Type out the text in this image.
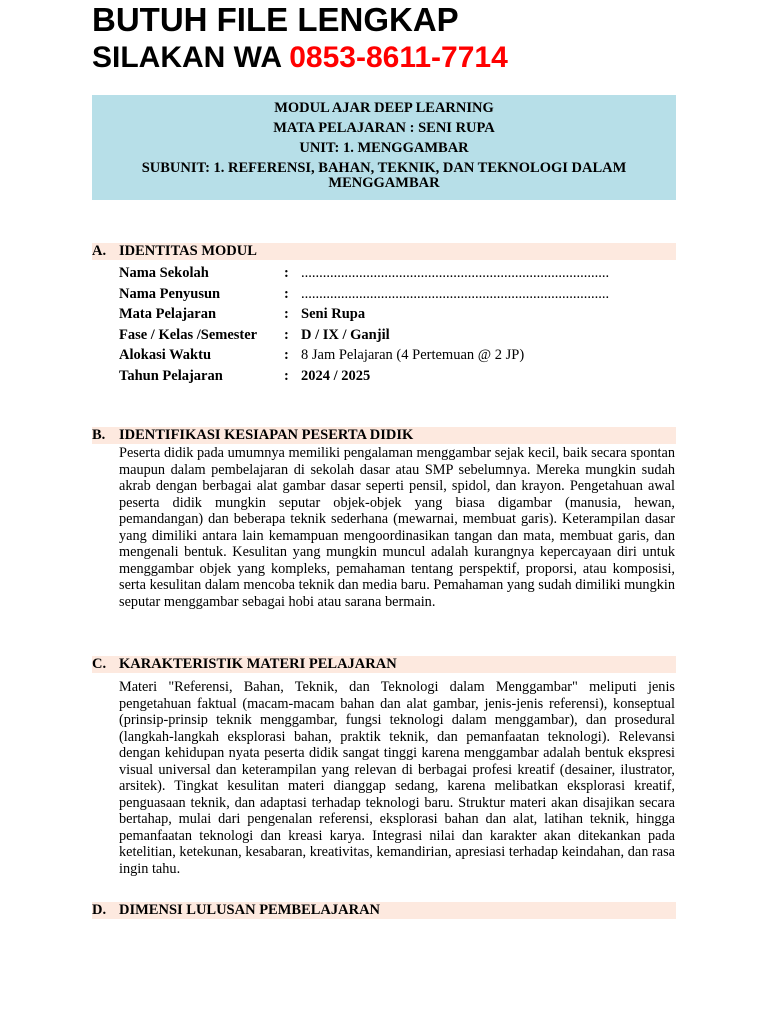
BUTUH FILE LENGKAP
SILAKAN WA 0853-8611-7714
MODUL AJAR DEEP LEARNING
MATA PELAJARAN : SENI RUPA
UNIT: 1. MENGGAMBAR
SUBUNIT: 1. REFERENSI, BAHAN, TEKNIK, DAN TEKNOLOGI DALAM MENGGAMBAR
A. IDENTITAS MODUL
Nama Sekolah	: .....................................................................................
Nama Penyusun	: .....................................................................................
Mata Pelajaran	: Seni Rupa
Fase / Kelas /Semester : D / IX / Ganjil
Alokasi Waktu	: 8 Jam Pelajaran (4 Pertemuan @ 2 JP)
Tahun Pelajaran	: 2024 / 2025
B. IDENTIFIKASI KESIAPAN PESERTA DIDIK

Peserta didik pada umumnya memiliki pengalaman menggambar sejak kecil, baik secara spontan maupun dalam pembelajaran di sekolah dasar atau SMP sebelumnya. Mereka mungkin sudah akrab dengan berbagai alat gambar dasar seperti pensil, spidol, dan krayon. Pengetahuan awal peserta didik mungkin seputar objek-objek yang biasa digambar (manusia, hewan, pemandangan) dan beberapa teknik sederhana (mewarnai, membuat garis). Keterampilan dasar yang dimiliki antara lain kemampuan mengoordinasikan tangan dan mata, membuat garis, dan mengenali bentuk. Kesulitan yang mungkin muncul adalah kurangnya kepercayaan diri untuk menggambar objek yang kompleks, pemahaman tentang perspektif, proporsi, atau komposisi, serta kesulitan dalam mencoba teknik dan media baru. Pemahaman yang sudah dimiliki mungkin seputar menggambar sebagai hobi atau sarana bermain.

C. KARAKTERISTIK MATERI PELAJARAN

Materi "Referensi, Bahan, Teknik, dan Teknologi dalam Menggambar" meliputi jenis pengetahuan faktual (macam-macam bahan dan alat gambar, jenis-jenis referensi), konseptual (prinsip-prinsip teknik menggambar, fungsi teknologi dalam menggambar), dan prosedural (langkah-langkah eksplorasi bahan, praktik teknik, dan pemanfaatan teknologi). Relevansi dengan kehidupan nyata peserta didik sangat tinggi karena menggambar adalah bentuk ekspresi visual universal dan keterampilan yang relevan di berbagai profesi kreatif (desainer, ilustrator, arsitek). Tingkat kesulitan materi dianggap sedang, karena melibatkan eksplorasi kreatif, penguasaan teknik, dan adaptasi terhadap teknologi baru. Struktur materi akan disajikan secara bertahap, mulai dari pengenalan referensi, eksplorasi bahan dan alat, latihan teknik, hingga pemanfaatan teknologi dan kreasi karya. Integrasi nilai dan karakter akan ditekankan pada ketelitian, ketekunan, kesabaran, kreativitas, kemandirian, apresiasi terhadap keindahan, dan rasa ingin tahu.

D. DIMENSI LULUSAN PEMBELAJARAN
